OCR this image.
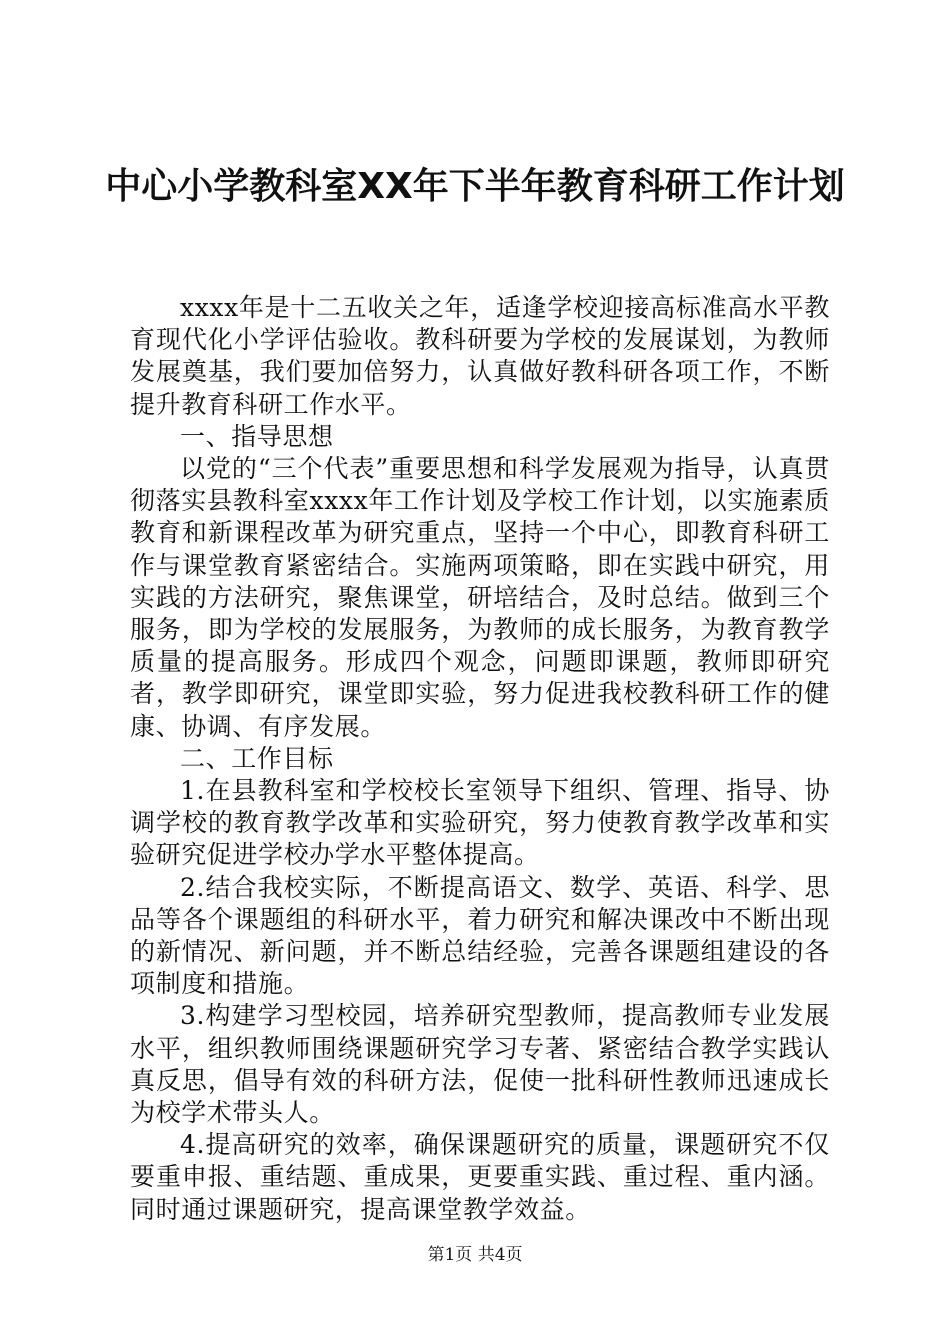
中心小学教科室XX年下半年教育科研工作计划

xxxx年是十二五收关之年，适逢学校迎接高标准高水平教育现代化小学评估验收。教科研要为学校的发展谋划，为教师发展奠基，我们要加倍努力，认真做好教科研各项工作，不断提升教育科研工作水平。

一、指导思想

以党的“三个代表”重要思想和科学发展观为指导，认真贯彻落实县教科室xxxx年工作计划及学校工作计划，以实施素质教育和新课程改革为研究重点，坚持一个中心，即教育科研工作与课堂教育紧密结合。实施两项策略，即在实践中研究，用实践的方法研究，聚焦课堂，研培结合，及时总结。做到三个服务，即为学校的发展服务，为教师的成长服务，为教育教学质量的提高服务。形成四个观念，问题即课题，教师即研究者，教学即研究，课堂即实验，努力促进我校教科研工作的健康、协调、有序发展。

二、工作目标

1.在县教科室和学校校长室领导下组织、管理、指导、协调学校的教育教学改革和实验研究，努力使教育教学改革和实验研究促进学校办学水平整体提高。

2.结合我校实际，不断提高语文、数学、英语、科学、思品等各个课题组的科研水平，着力研究和解决课改中不断出现的新情况、新问题，并不断总结经验，完善各课题组建设的各项制度和措施。

3.构建学习型校园，培养研究型教师，提高教师专业发展水平，组织教师围绕课题研究学习专著、紧密结合教学实践认真反思，倡导有效的科研方法，促使一批科研性教师迅速成长为校学术带头人。

4.提高研究的效率，确保课题研究的质量，课题研究不仅要重申报、重结题、重成果，更要重实践、重过程、重内涵。同时通过课题研究，提高课堂教学效益。

第1页 共4页
